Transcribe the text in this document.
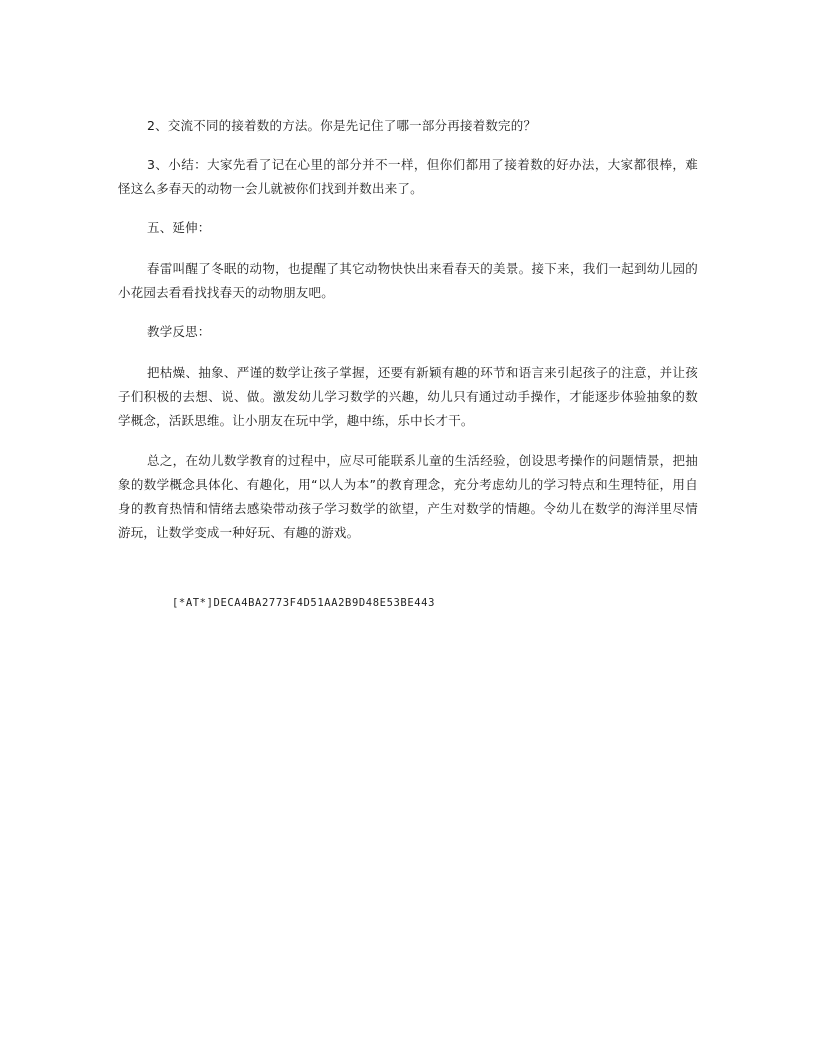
2、交流不同的接着数的方法。你是先记住了哪一部分再接着数完的？

3、小结：大家先看了记在心里的部分并不一样，但你们都用了接着数的好办法，大家都很棒，难怪这么多春天的动物一会儿就被你们找到并数出来了。

五、延伸：

春雷叫醒了冬眠的动物，也提醒了其它动物快快出来看春天的美景。接下来，我们一起到幼儿园的小花园去看看找找春天的动物朋友吧。

教学反思：

把枯燥、抽象、严谨的数学让孩子掌握，还要有新颖有趣的环节和语言来引起孩子的注意，并让孩子们积极的去想、说、做。激发幼儿学习数学的兴趣，幼儿只有通过动手操作，才能逐步体验抽象的数学概念，活跃思维。让小朋友在玩中学，趣中练，乐中长才干。

总之，在幼儿数学教育的过程中，应尽可能联系儿童的生活经验，创设思考操作的问题情景，把抽象的数学概念具体化、有趣化，用“以人为本”的教育理念，充分考虑幼儿的学习特点和生理特征，用自身的教育热情和情绪去感染带动孩子学习数学的欲望，产生对数学的情趣。令幼儿在数学的海洋里尽情游玩，让数学变成一种好玩、有趣的游戏。

[*AT*]DECA4BA2773F4D51AA2B9D48E53BE443
